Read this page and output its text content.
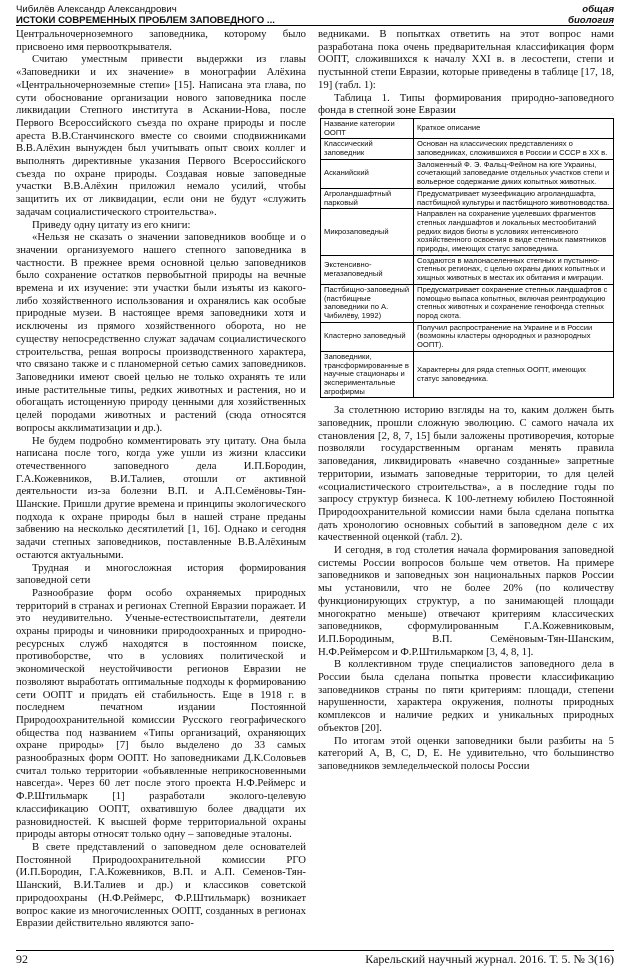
Чибилёв Александр Александрович
ИСТОКИ СОВРЕМЕННЫХ ПРОБЛЕМ ЗАПОВЕДНОГО ...
общая
биология

Центральночерноземного заповедника, которому было присвоено имя первооткрывателя.

Считаю уместным привести выдержки из главы «Заповедники и их значение» в монографии Алёхина «Центральночерноземные степи» [15]. Написана эта глава, по сути обоснование организации нового заповедника после ликвидации Степного института в Аскании-Нова, после Первого Всероссийского съезда по охране природы и после ареста В.В.Станчинского вместе со своими сподвижниками В.В.Алёхин вынужден был учитывать опыт своих коллег и выполнять директивные указания Первого Всероссийского съезда по охране природы. Создавая новые заповедные участки В.В.Алёхин приложил немало усилий, чтобы защитить их от ликвидации, если они не будут «служить задачам социалистического строительства».

Приведу одну цитату из его книги:

«Нельзя не сказать о значении заповедников вообще и о значении организуемого нашего степного заповедника в частности. В прежнее время основной целью заповедников было сохранение остатков первобытной природы на вечные времена и их изучение: эти участки были изъяты из какого-либо хозяйственного использования и охранялись как особые природные музеи. В настоящее время заповедники хотя и исключены из прямого хозяйственного оборота, но не существу непосредственно служат задачам социалистического строительства, решая вопросы производственного характера, что связано также и с планомерной сетью самих заповедников. Заповедники имеют своей целью не только охранять те или иные растительные типы, редких животных и растения, но и обогащать истощенную природу ценными для хозяйственных целей породами животных и растений (сюда относятся вопросы акклиматизации и др.).

Не будем подробно комментировать эту цитату. Она была написана после того, когда уже ушли из жизни классики отечественного заповедного дела И.П.Бородин, Г.А.Кожевников, В.И.Талиев, отошли от активной деятельности из-за болезни В.П. и А.П.Семёновы-Тян-Шанские. Пришли другие времена и принципы экологического подхода к охране природы был в нашей стране преданы забвению на несколько десятилетий [1, 16]. Однако и сегодня задачи степных заповедников, поставленные В.В.Алёхиным остаются актуальными.

Трудная и многосложная история формирования заповедной сети

Разнообразие форм особо охраняемых природных территорий в странах и регионах Степной Евразии поражает. И это неудивительно. Ученые-естествоиспытатели, деятели охраны природы и чиновники природоохранных и природно-ресурсных служб находятся в постоянном поиске, противоборстве, что в условиях политической и экономической неустойчивости регионов Евразии не позволяют выработать оптимальные подходы к формированию сети ООПТ и придать ей стабильность. Еще в 1918 г. в последнем печатном издании Постоянной Природоохранительной комиссии Русского географического общества под названием «Типы организаций, охраняющих охране природы» [7] было выделено до 33 самых разнообразных форм ООПТ. Но заповедниками Д.К.Соловьев считал только территории «объявленные неприкосновенными навсегда». Через 60 лет после этого проекта Н.Ф.Реймерс и Ф.Р.Штильмарк [1] разработали эколого-целевую классификацию ООПТ, охватившую более двадцати их разновидностей. К высшей форме территориальной охраны природы авторы относят только одну – заповедные эталоны.

В свете представлений о заповедном деле основателей Постоянной Природоохранительной комиссии РГО (И.П.Бородин, Г.А.Кожевников, В.П. и А.П. Семенов-Тян-Шанский, В.И.Талиев и др.) и классиков советской природоохраны (Н.Ф.Реймерс, Ф.Р.Штильмарк) возникает вопрос какие из многочисленных ООПТ, созданных в регионах Евразии действительно являются запо-

ведниками. В попытках ответить на этот вопрос нами разработана пока очень предварительная классификация форм ООПТ, сложившихся к началу XXI в. в лесостепи, степи и пустынной степи Евразии, которые приведены в таблице [17, 18, 19] (табл. 1):

Таблица 1. Типы формирования природно-заповедного фонда в степной зоне Евразии

Название категории ООПТ	Краткое описание
Классический заповедник	Основан на классических представлениях о заповедниках, сложившихся в России и СССР в XX в.
Асканийский	Заложенный Ф. Э. Фальц-Фейном на юге Украины, сочетающий заповедание отдельных участков степи и вольерное содержание диких копытных животных.
Агроландшафтный парковый	Предусматривает музеефикацию агроландшафта, пастбищной культуры и пастбищного животноводства.
Микрозаповедный	Направлен на сохранение уцелевших фрагментов степных ландшафтов и локальных местообитаний редких видов биоты в условиях интенсивного хозяйственного освоения в виде степных памятников природы, имеющих статус заповедника.
Экстенсивно-мегазаповедный	Создаются в малонаселенных степных и пустынно-степных регионах, с целью охраны диких копытных и хищных животных в местах их обитания и миграции.
Пастбищно-заповедный (пастбищные заповедники по А. Чибилёву, 1992)	Предусматривает сохранение степных ландшафтов с помощью выпаса копытных, включая реинтродукцию степных животных и сохранение генофонда степных пород скота.
Кластерно заповедный	Получил распространение на Украине и в России (возможны кластеры однородных и разнородных ООПТ).
Заповедники, трансформированные в научные стационары и экспериментальные агрофирмы	Характерны для ряда степных ООПТ, имеющих статус заповедника.

За столетнюю историю взгляды на то, каким должен быть заповедник, прошли сложную эволюцию. С самого начала их становления [2, 8, 7, 15] были заложены противоречия, которые позволяли государственным органам менять правила заповедания, ликвидировать «навечно созданные» запретные территории, изымать заповедные территории, то для целей «социалистического строительства», а в последние годы по запросу структур бизнеса. К 100-летнему юбилею Постоянной Природоохранительной комиссии нами была сделана попытка дать хронологию основных событий в заповедном деле с их качественной оценкой (табл. 2).

И сегодня, в год столетия начала формирования заповедной системы России вопросов больше чем ответов. На примере заповедников и заповедных зон национальных парков России мы установили, что не более 20% (по количеству функционирующих структур, а по занимающей площади многократно меньше) отвечают критериям классических заповедников, сформулированным Г.А.Кожевниковым, И.П.Бородиным, В.П. Семёновым-Тян-Шанским, Н.Ф.Реймерсом и Ф.Р.Штильмарком [3, 4, 8, 1].

В коллективном труде специалистов заповедного дела в России была сделана попытка провести классификацию заповедников страны по пяти критериям: площади, степени нарушенности, характера окружения, полноты природных комплексов и наличие редких и уникальных природных объектов [20].

По итогам этой оценки заповедники были разбиты на 5 категорий A, B, C, D, E. Не удивительно, что большинство заповедников земледельческой полосы России

92	Карельский научный журнал. 2016. Т. 5. № 3(16)
